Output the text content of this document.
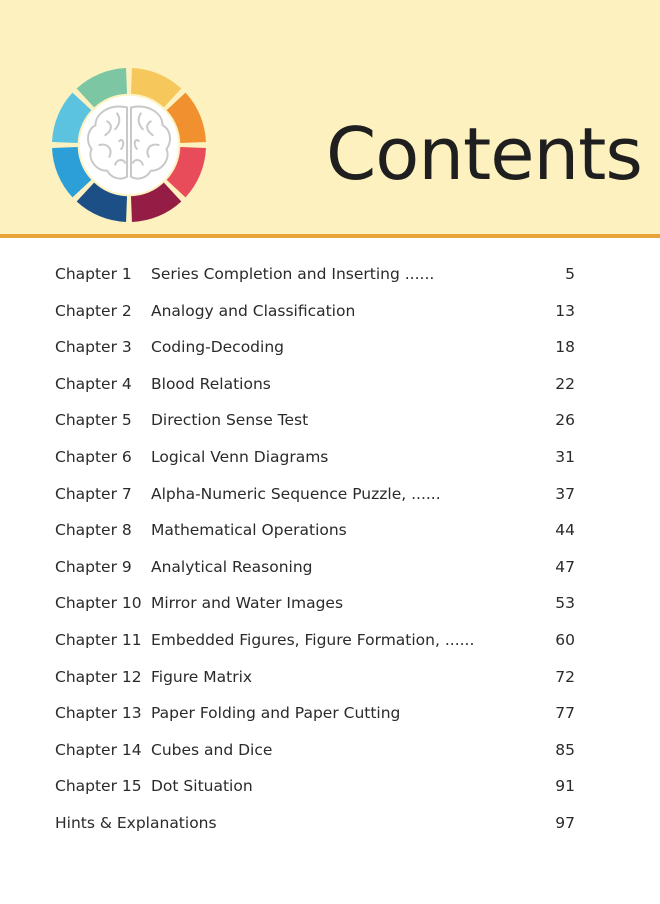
Contents
Chapter 1 Series Completion and Inserting ......	5
Chapter 2 Analogy and Classification	13
Chapter 3 Coding-Decoding	18
Chapter 4 Blood Relations	22
Chapter 5 Direction Sense Test	26
Chapter 6 Logical Venn Diagrams	31
Chapter 7 Alpha-Numeric Sequence Puzzle, ......	37
Chapter 8 Mathematical Operations	44
Chapter 9 Analytical Reasoning	47
Chapter 10 Mirror and Water Images	53
Chapter 11 Embedded Figures, Figure Formation, ......	60
Chapter 12 Figure Matrix	72
Chapter 13 Paper Folding and Paper Cutting	77
Chapter 14 Cubes and Dice	85
Chapter 15 Dot Situation	91
Hints & Explanations	97
